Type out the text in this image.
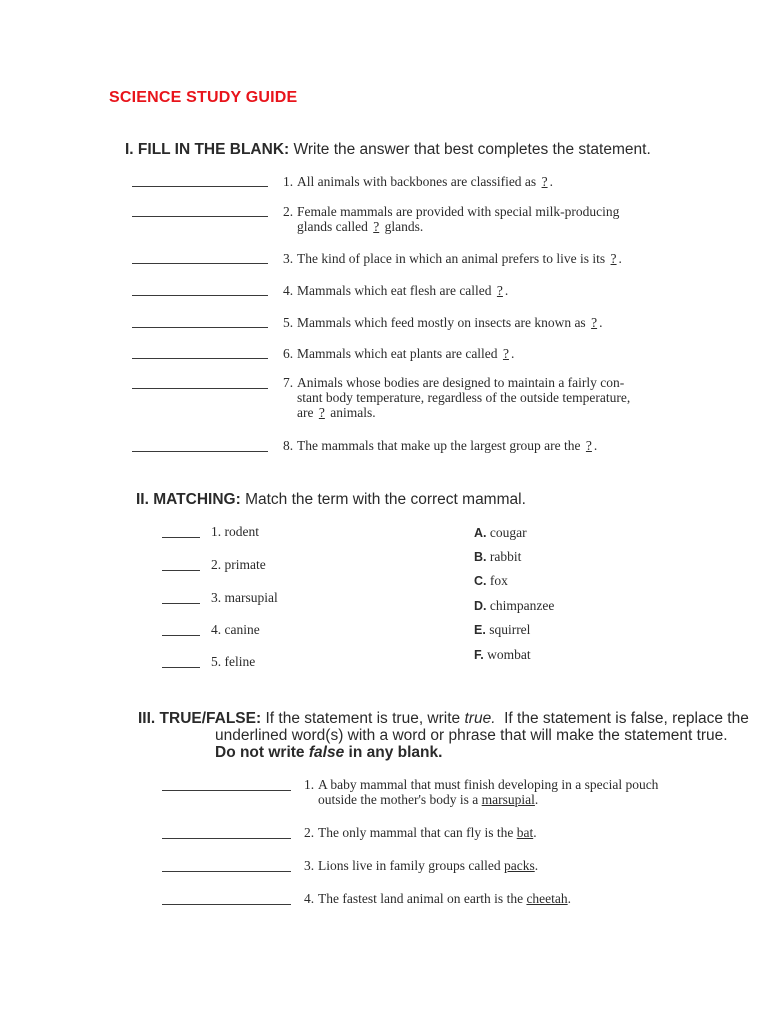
SCIENCE STUDY GUIDE
I. FILL IN THE BLANK: Write the answer that best completes the statement.
1. All animals with backbones are classified as ? .
2. Female mammals are provided with special milk-producing
glands called ? glands.
3. The kind of place in which an animal prefers to live is its ? .
4. Mammals which eat flesh are called ? .
5. Mammals which feed mostly on insects are known as ? .
6. Mammals which eat plants are called ? .
7. Animals whose bodies are designed to maintain a fairly con-
stant body temperature, regardless of the outside temperature,
are ? animals.
8. The mammals that make up the largest group are the ? .
II. MATCHING: Match the term with the correct mammal.
1. rodent
2. primate
3. marsupial
4. canine
5. feline
A. cougar
B. rabbit
C. fox
D. chimpanzee
E. squirrel
F. wombat
III. TRUE/FALSE: If the statement is true, write true. If the statement is false, replace the
underlined word(s) with a word or phrase that will make the statement true.
Do not write false in any blank.
1. A baby mammal that must finish developing in a special pouch
outside the mother's body is a marsupial.
2. The only mammal that can fly is the bat.
3. Lions live in family groups called packs.
4. The fastest land animal on earth is the cheetah.
